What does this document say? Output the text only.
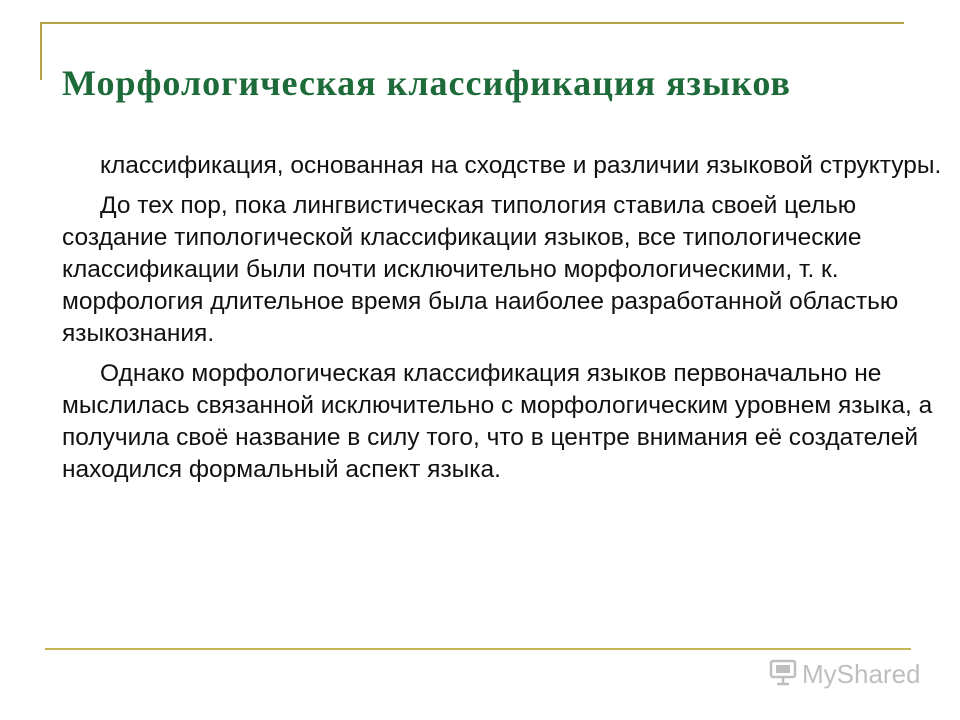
Морфологическая классификация языков

классификация, основанная на сходстве и различии языковой структуры.

До тех пор, пока лингвистическая типология ставила своей целью создание типологической классификации языков, все типологические классификации были почти исключительно морфологическими, т. к. морфология длительное время была наиболее разработанной областью языкознания.

Однако морфологическая классификация языков первоначально не мыслилась связанной исключительно с морфологическим уровнем языка, а получила своё название в силу того, что в центре внимания её создателей находился формальный аспект языка.

MyShared
